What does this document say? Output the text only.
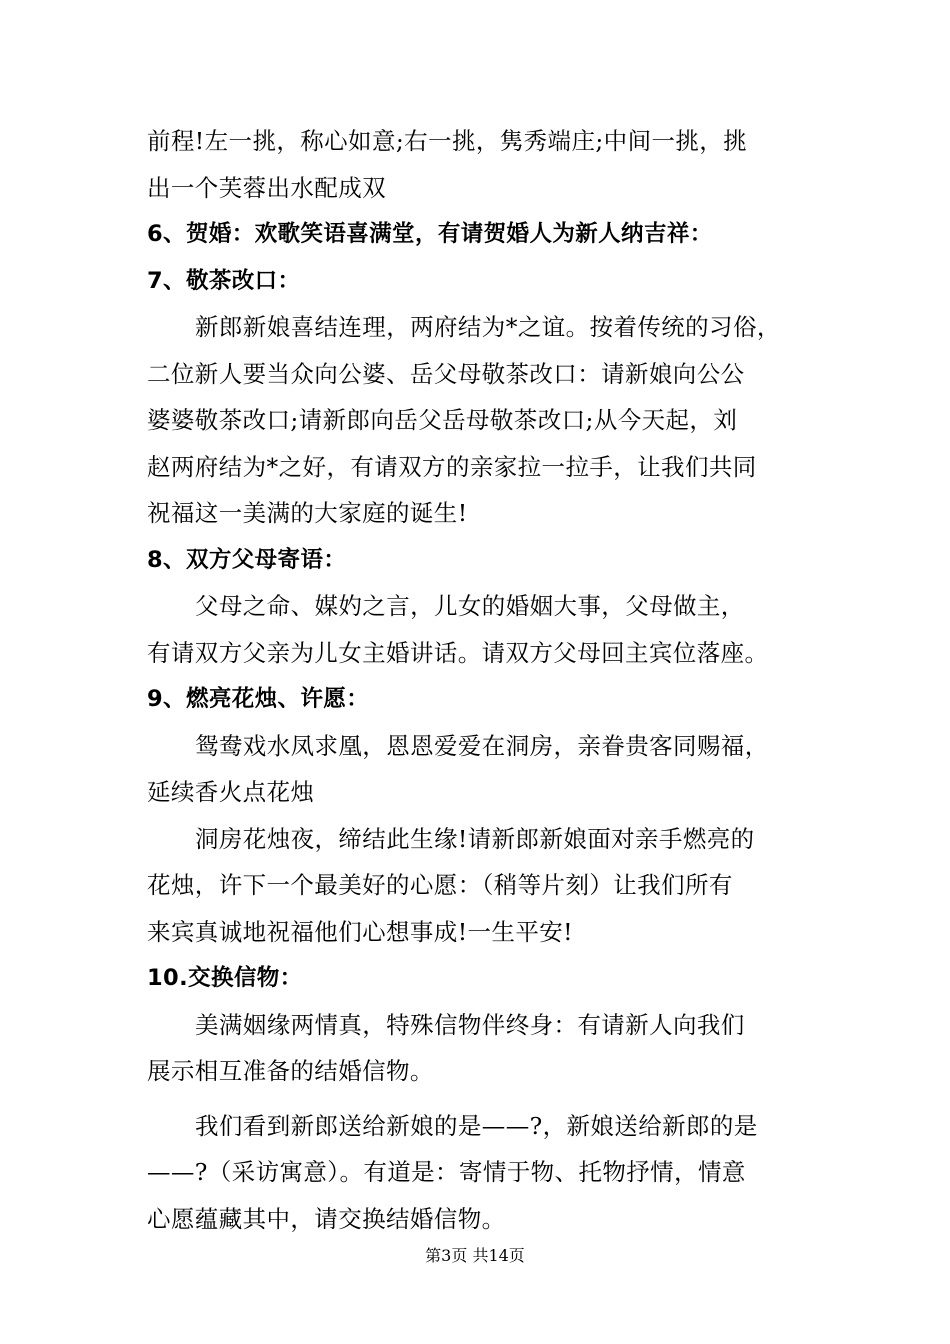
前程!左一挑，称心如意;右一挑，隽秀端庄;中间一挑，挑
出一个芙蓉出水配成双
6、贺婚：欢歌笑语喜满堂，有请贺婚人为新人纳吉祥：
7、敬茶改口：
新郎新娘喜结连理，两府结为*之谊。按着传统的习俗，
二位新人要当众向公婆、岳父母敬茶改口：请新娘向公公
婆婆敬茶改口;请新郎向岳父岳母敬茶改口;从今天起，刘
赵两府结为*之好，有请双方的亲家拉一拉手，让我们共同
祝福这一美满的大家庭的诞生!
8、双方父母寄语：
父母之命、媒妁之言，儿女的婚姻大事，父母做主，
有请双方父亲为儿女主婚讲话。请双方父母回主宾位落座。
9、燃亮花烛、许愿：
鸳鸯戏水凤求凰，恩恩爱爱在洞房，亲眷贵客同赐福，
延续香火点花烛
洞房花烛夜，缔结此生缘!请新郎新娘面对亲手燃亮的
花烛，许下一个最美好的心愿：（稍等片刻）让我们所有
来宾真诚地祝福他们心想事成!一生平安!
10.交换信物：
美满姻缘两情真，特殊信物伴终身：有请新人向我们
展示相互准备的结婚信物。
我们看到新郎送给新娘的是——?，新娘送给新郎的是
——?（采访寓意）。有道是：寄情于物、托物抒情，情意
心愿蕴藏其中，请交换结婚信物。
第3页 共14页
